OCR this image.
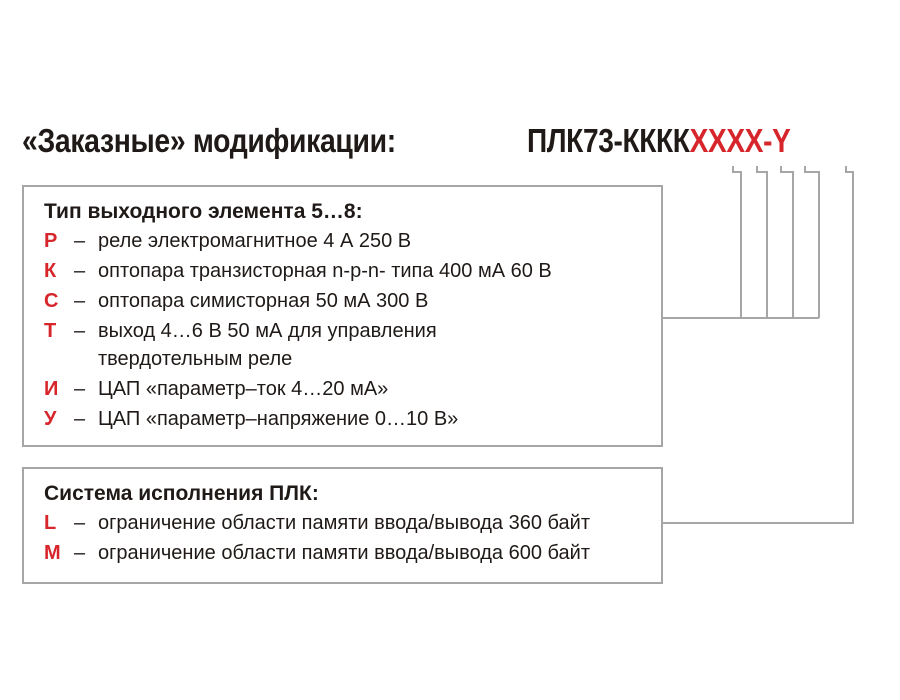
«Заказные» модификации:	ПЛК73-ККККXXXX-Y
Тип выходного элемента 5…8:
Р – реле электромагнитное 4 А 250 В
К – оптопара транзисторная n-p-n- типа 400 мА 60 В
С – оптопара симисторная 50 мА 300 В
Т – выход 4…6 В 50 мА для управления
твердотельным реле
И – ЦАП «параметр–ток 4…20 мА»
У – ЦАП «параметр–напряжение 0…10 В»
Система исполнения ПЛК:
L – ограничение области памяти ввода/вывода 360 байт
M – ограничение области памяти ввода/вывода 600 байт
